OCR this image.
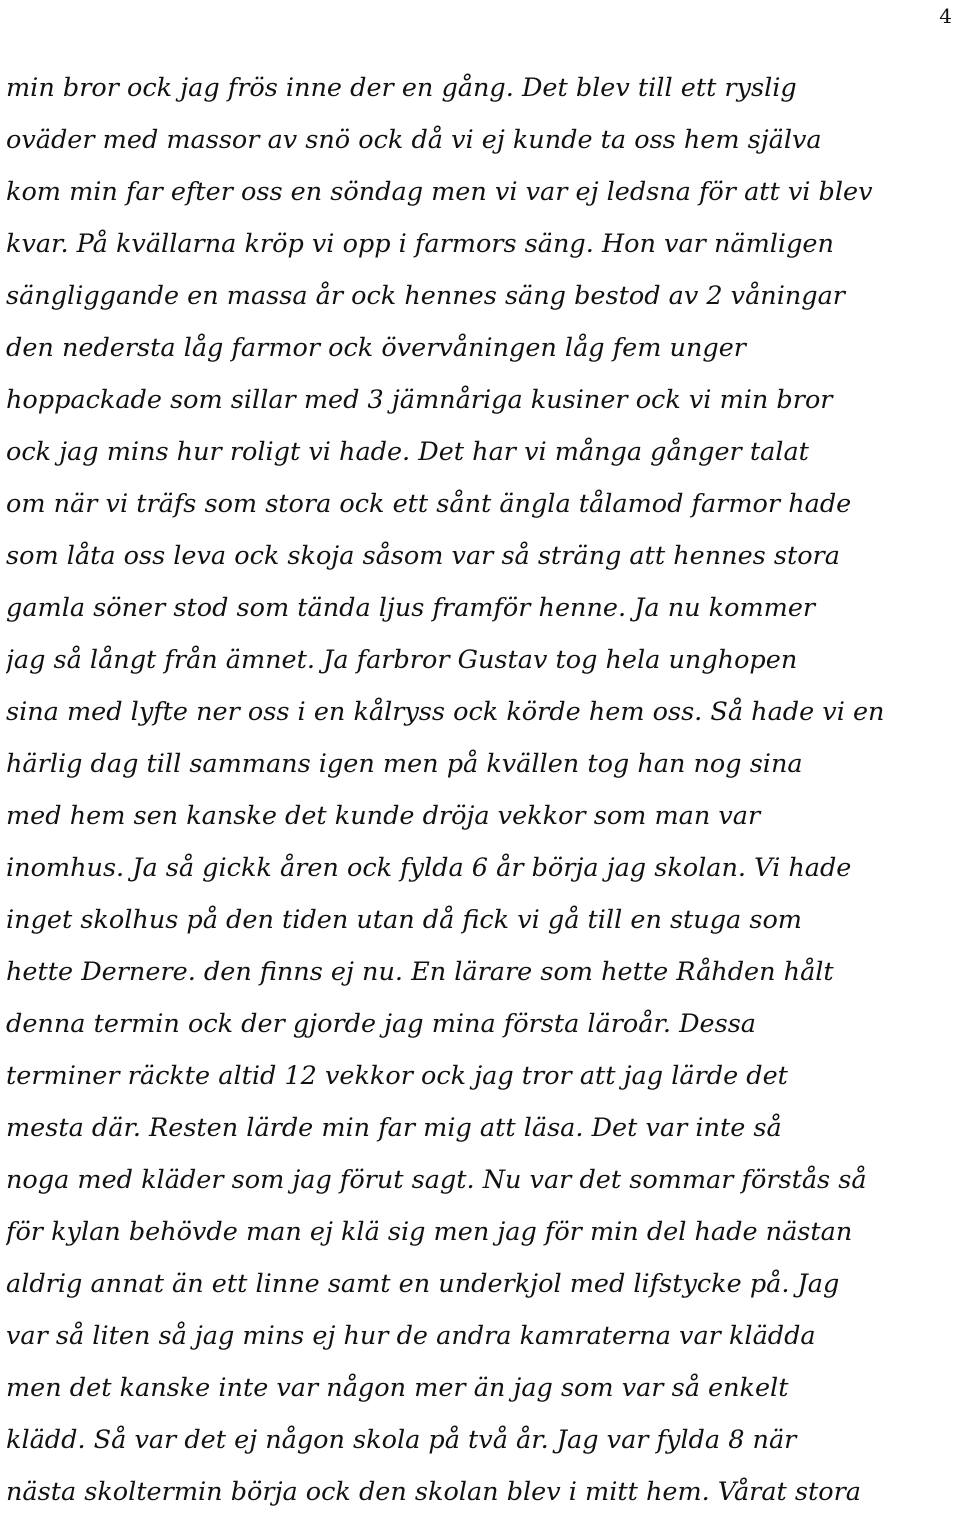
4
min bror ock jag frös inne der en gång. Det blev till ett ryslig
oväder med massor av snö ock då vi ej kunde ta oss hem själva
kom min far efter oss en söndag men vi var ej ledsna för att vi blev
kvar. På kvällarna kröp vi opp i farmors säng. Hon var nämligen
sängliggande en massa år ock hennes säng bestod av 2 våningar
den nedersta låg farmor ock övervåningen låg fem unger
hoppackade som sillar med 3 jämnåriga kusiner ock vi min bror
ock jag mins hur roligt vi hade. Det har vi många gånger talat
om när vi träfs som stora ock ett sånt ängla tålamod farmor hade
som låta oss leva ock skoja såsom var så sträng att hennes stora
gamla söner stod som tända ljus framför henne. Ja nu kommer
jag så långt från ämnet. Ja farbror Gustav tog hela unghopen
sina med lyfte ner oss i en kålryss ock körde hem oss. Så hade vi en
härlig dag till sammans igen men på kvällen tog han nog sina
med hem sen kanske det kunde dröja vekkor som man var
inomhus. Ja så gickk åren ock fylda 6 år börja jag skolan. Vi hade
inget skolhus på den tiden utan då fick vi gå till en stuga som
hette Dernere. den finns ej nu. En lärare som hette Råhden hålt
denna termin ock der gjorde jag mina första läroår. Dessa
terminer räckte altid 12 vekkor ock jag tror att jag lärde det
mesta där. Resten lärde min far mig att läsa. Det var inte så
noga med kläder som jag förut sagt. Nu var det sommar förstås så
för kylan behövde man ej klä sig men jag för min del hade nästan
aldrig annat än ett linne samt en underkjol med lifstycke på. Jag
var så liten så jag mins ej hur de andra kamraterna var klädda
men det kanske inte var någon mer än jag som var så enkelt
klädd. Så var det ej någon skola på två år. Jag var fylda 8 när
nästa skoltermin börja ock den skolan blev i mitt hem. Vårat stora
